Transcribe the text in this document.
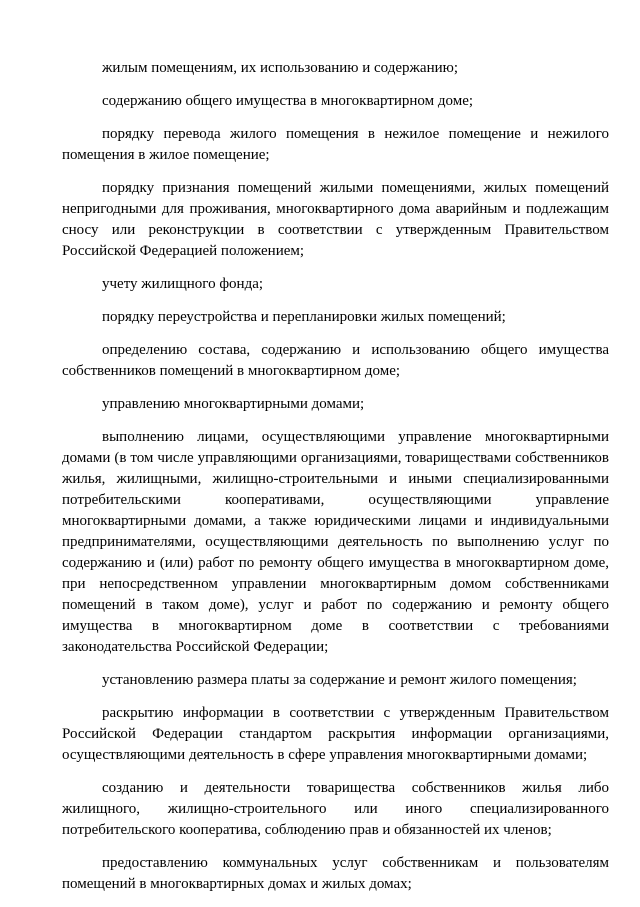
жилым помещениям, их использованию и содержанию;

содержанию общего имущества в многоквартирном доме;

порядку перевода жилого помещения в нежилое помещение и нежилого помещения в жилое помещение;

порядку признания помещений жилыми помещениями, жилых помещений непригодными для проживания, многоквартирного дома аварийным и подлежащим сносу или реконструкции в соответствии с утвержденным Правительством Российской Федерацией положением;

учету жилищного фонда;

порядку переустройства и перепланировки жилых помещений;

определению состава, содержанию и использованию общего имущества собственников помещений в многоквартирном доме;

управлению многоквартирными домами;

выполнению лицами, осуществляющими управление многоквартирными домами (в том числе управляющими организациями, товариществами собственников жилья, жилищными, жилищно-строительными и иными специализированными потребительскими кооперативами, осуществляющими управление многоквартирными домами, а также юридическими лицами и индивидуальными предпринимателями, осуществляющими деятельность по выполнению услуг по содержанию и (или) работ по ремонту общего имущества в многоквартирном доме, при непосредственном управлении многоквартирным домом собственниками помещений в таком доме), услуг и работ по содержанию и ремонту общего имущества в многоквартирном доме в соответствии с требованиями законодательства Российской Федерации;

установлению размера платы за содержание и ремонт жилого помещения;

раскрытию информации в соответствии с утвержденным Правительством Российской Федерации стандартом раскрытия информации организациями, осуществляющими деятельность в сфере управления многоквартирными домами;

созданию и деятельности товарищества собственников жилья либо жилищного, жилищно-строительного или иного специализированного потребительского кооператива, соблюдению прав и обязанностей их членов;

предоставлению коммунальных услуг собственникам и пользователям помещений в многоквартирных домах и жилых домах;
